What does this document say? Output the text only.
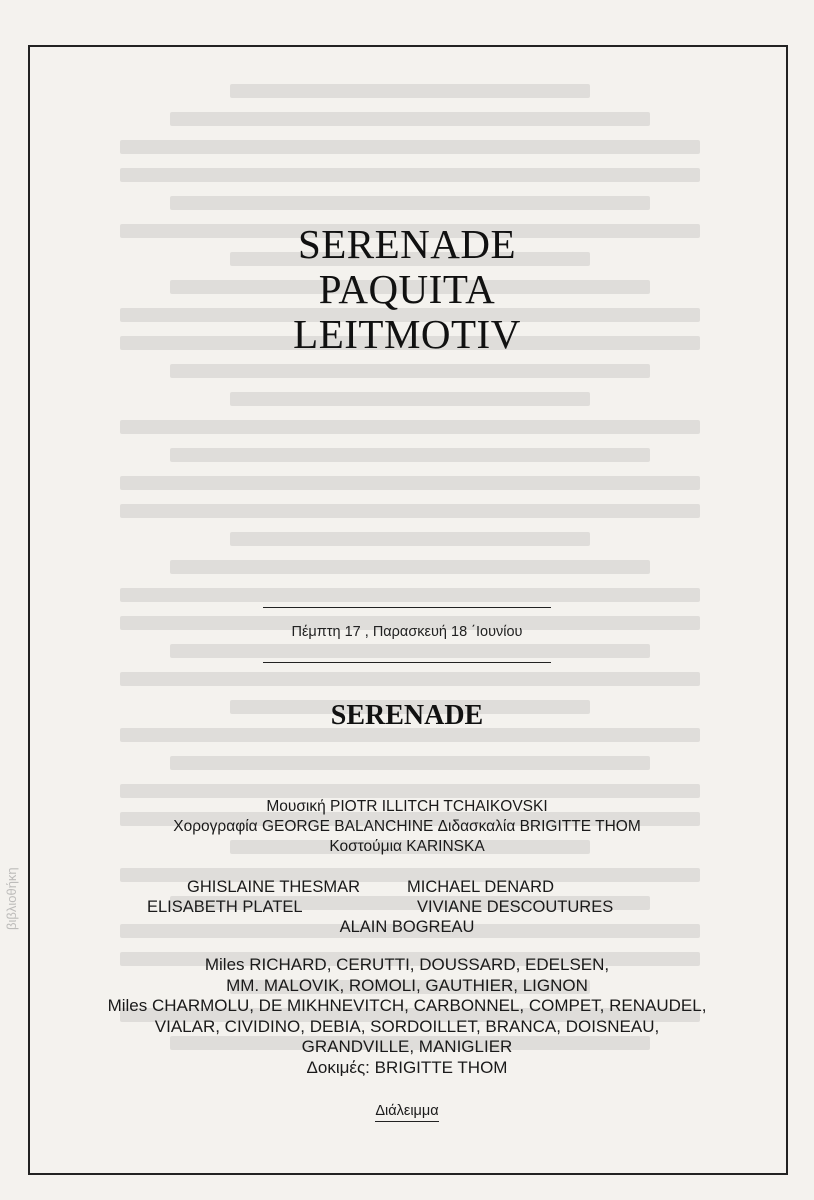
βιβλιοθήκη
SERENADE
PAQUITA
LEITMOTIV
Πέμπτη 17 , Παρασκευή 18 ΄Ιουνίου
SERENADE
Μουσική PIOTR ILLITCH TCHAIKOVSKI
Χορογραφία GEORGE BALANCHINE Διδασκαλία BRIGITTE THOM
Κοστούμια KARINSKA
GHISLAINE THESMAR	MICHAEL DENARD
ELISABETH PLATEL	VIVIANE DESCOUTURES
ALAIN BOGREAU
Miles RICHARD, CERUTTI, DOUSSARD, EDELSEN,
MM. MALOVIK, ROMOLI, GAUTHIER, LIGNON
Miles CHARMOLU, DE MIKHNEVITCH, CARBONNEL, COMPET, RENAUDEL,
VIALAR, CIVIDINO, DEBIA, SORDOILLET, BRANCA, DOISNEAU,
GRANDVILLE, MANIGLIER
Δοκιμές: BRIGITTE THOM
Διάλειμμα
